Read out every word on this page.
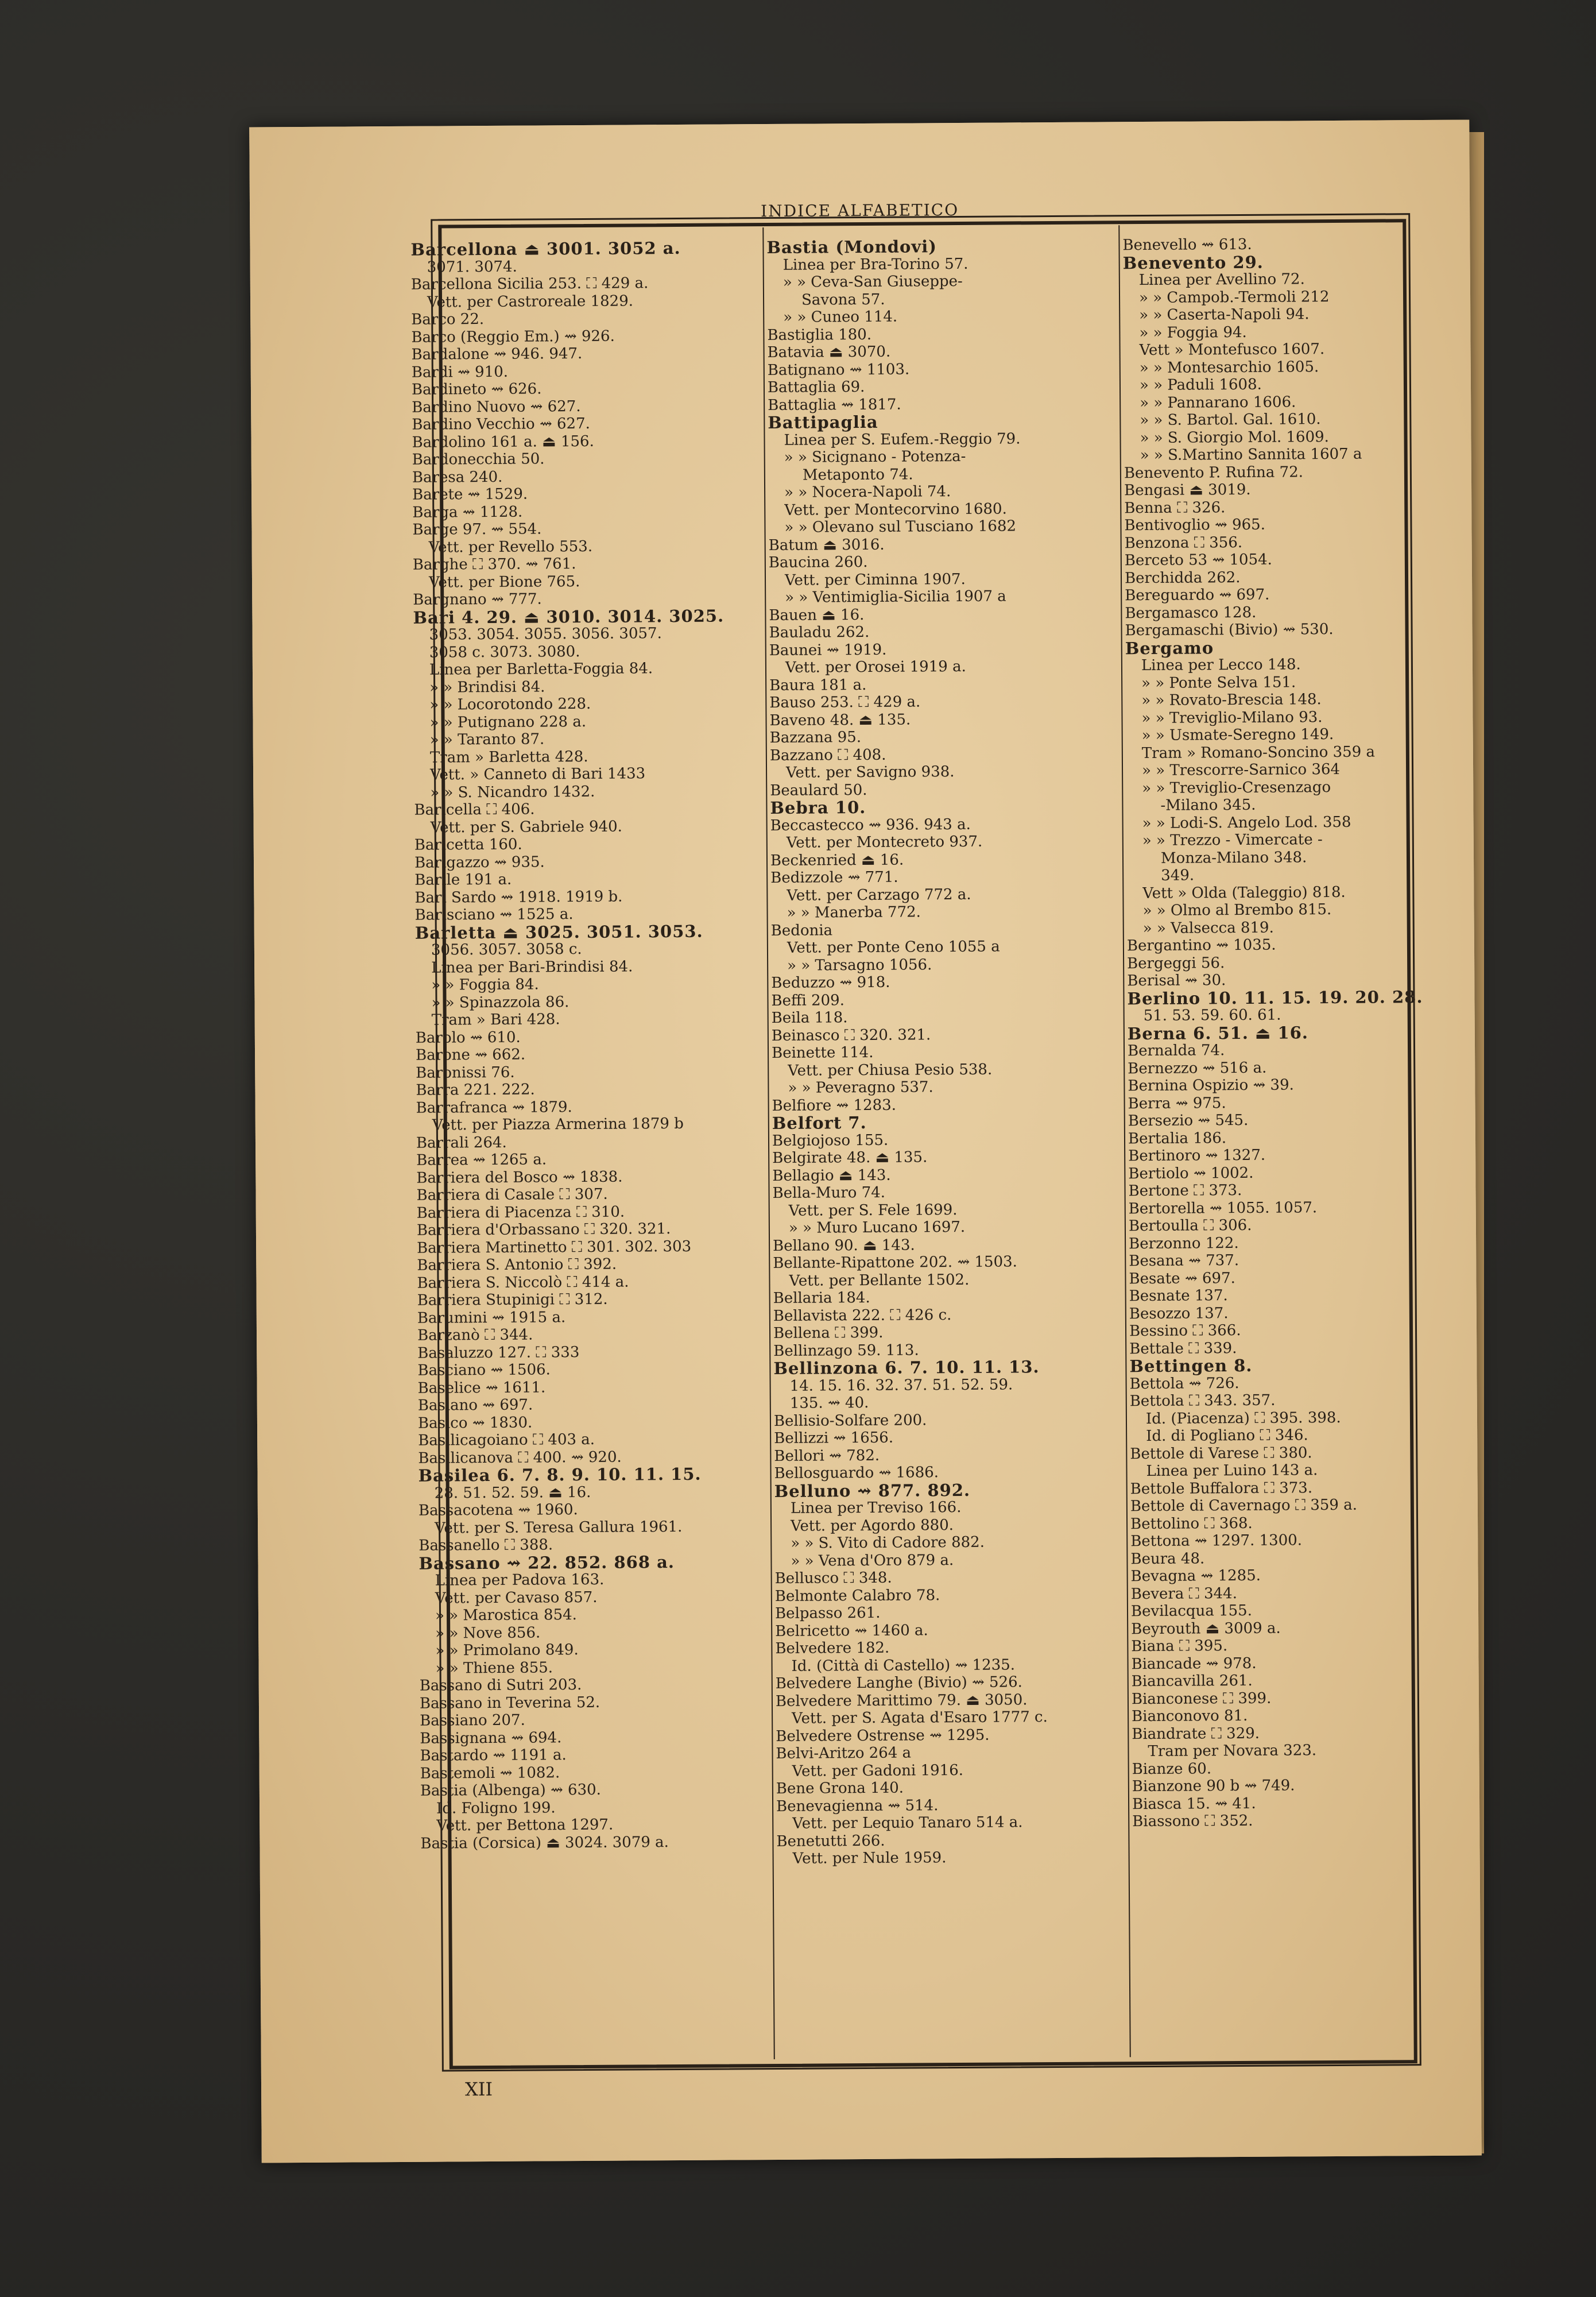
INDICE ALFABETICO
Barcellona ⏏ 3001. 3052 a.
3071. 3074.
Barcellona Sicilia 253. ⛶ 429 a.
Vett. per Castroreale 1829.
Barco 22.
Barco (Reggio Em.) ⇝ 926.
Bardalone ⇝ 946. 947.
Bardi ⇝ 910.
Bardineto ⇝ 626.
Bardino Nuovo ⇝ 627.
Bardino Vecchio ⇝ 627.
Bardolino 161 a. ⏏ 156.
Bardonecchia 50.
Baresa 240.
Barete ⇝ 1529.
Barga ⇝ 1128.
Barge 97. ⇝ 554.
Vett. per Revello 553.
Barghe ⛶ 370. ⇝ 761.
Vett. per Bione 765.
Bargnano ⇝ 777.
Bari 4. 29. ⏏ 3010. 3014. 3025.
3053. 3054. 3055. 3056. 3057.
3058 c. 3073. 3080.
Linea per Barletta-Foggia 84.
» » Brindisi 84.
» » Locorotondo 228.
» » Putignano 228 a.
» » Taranto 87.
Tram » Barletta 428.
Vett. » Canneto di Bari 1433
» » S. Nicandro 1432.
Baricella ⛶ 406.
Vett. per S. Gabriele 940.
Baricetta 160.
Barigazzo ⇝ 935.
Barile 191 a.
Bari Sardo ⇝ 1918. 1919 b.
Barisciano ⇝ 1525 a.
Barletta ⏏ 3025. 3051. 3053.
3056. 3057. 3058 c.
Linea per Bari-Brindisi 84.
» » Foggia 84.
» » Spinazzola 86.
Tram » Bari 428.
Barolo ⇝ 610.
Barone ⇝ 662.
Baronissi 76.
Barra 221. 222.
Barrafranca ⇝ 1879.
Vett. per Piazza Armerina 1879 b
Barrali 264.
Barrea ⇝ 1265 a.
Barriera del Bosco ⇝ 1838.
Barriera di Casale ⛶ 307.
Barriera di Piacenza ⛶ 310.
Barriera d'Orbassano ⛶ 320. 321.
Barriera Martinetto ⛶ 301. 302. 303
Barriera S. Antonio ⛶ 392.
Barriera S. Niccolò ⛶ 414 a.
Barriera Stupinigi ⛶ 312.
Barumini ⇝ 1915 a.
Barzanò ⛶ 344.
Basaluzzo 127. ⛶ 333
Basciano ⇝ 1506.
Baselice ⇝ 1611.
Basiano ⇝ 697.
Basico ⇝ 1830.
Basilicagoiano ⛶ 403 a.
Basilicanova ⛶ 400. ⇝ 920.
Basilea 6. 7. 8. 9. 10. 11. 15.
28. 51. 52. 59. ⏏ 16.
Bassacotena ⇝ 1960.
Vett. per S. Teresa Gallura 1961.
Bassanello ⛶ 388.
Bassano ⇝ 22. 852. 868 a.
Linea per Padova 163.
Vett. per Cavaso 857.
» » Marostica 854.
» » Nove 856.
» » Primolano 849.
» » Thiene 855.
Bassano di Sutri 203.
Bassano in Teverina 52.
Bassiano 207.
Bassignana ⇝ 694.
Bastardo ⇝ 1191 a.
Bastemoli ⇝ 1082.
Bastia (Albenga) ⇝ 630.
Id. Foligno 199.
Vett. per Bettona 1297.
Bastia (Corsica) ⏏ 3024. 3079 a.
Bastia (Mondovi)
Linea per Bra-Torino 57.
» » Ceva-San Giuseppe-
Savona 57.
» » Cuneo 114.
Bastiglia 180.
Batavia ⏏ 3070.
Batignano ⇝ 1103.
Battaglia 69.
Battaglia ⇝ 1817.
Battipaglia
Linea per S. Eufem.-Reggio 79.
» » Sicignano - Potenza-
Metaponto 74.
» » Nocera-Napoli 74.
Vett. per Montecorvino 1680.
» » Olevano sul Tusciano 1682
Batum ⏏ 3016.
Baucina 260.
Vett. per Ciminna 1907.
» » Ventimiglia-Sicilia 1907 a
Bauen ⏏ 16.
Bauladu 262.
Baunei ⇝ 1919.
Vett. per Orosei 1919 a.
Baura 181 a.
Bauso 253. ⛶ 429 a.
Baveno 48. ⏏ 135.
Bazzana 95.
Bazzano ⛶ 408.
Vett. per Savigno 938.
Beaulard 50.
Bebra 10.
Beccastecco ⇝ 936. 943 a.
Vett. per Montecreto 937.
Beckenried ⏏ 16.
Bedizzole ⇝ 771.
Vett. per Carzago 772 a.
» » Manerba 772.
Bedonia
Vett. per Ponte Ceno 1055 a
» » Tarsagno 1056.
Beduzzo ⇝ 918.
Beffi 209.
Beila 118.
Beinasco ⛶ 320. 321.
Beinette 114.
Vett. per Chiusa Pesio 538.
» » Peveragno 537.
Belfiore ⇝ 1283.
Belfort 7.
Belgiojoso 155.
Belgirate 48. ⏏ 135.
Bellagio ⏏ 143.
Bella-Muro 74.
Vett. per S. Fele 1699.
» » Muro Lucano 1697.
Bellano 90. ⏏ 143.
Bellante-Ripattone 202. ⇝ 1503.
Vett. per Bellante 1502.
Bellaria 184.
Bellavista 222. ⛶ 426 c.
Bellena ⛶ 399.
Bellinzago 59. 113.
Bellinzona 6. 7. 10. 11. 13.
14. 15. 16. 32. 37. 51. 52. 59.
135. ⇝ 40.
Bellisio-Solfare 200.
Bellizzi ⇝ 1656.
Bellori ⇝ 782.
Bellosguardo ⇝ 1686.
Belluno ⇝ 877. 892.
Linea per Treviso 166.
Vett. per Agordo 880.
» » S. Vito di Cadore 882.
» » Vena d'Oro 879 a.
Belluscо ⛶ 348.
Belmonte Calabro 78.
Belpasso 261.
Belricetto ⇝ 1460 a.
Belvedere 182.
Id. (Città di Castello) ⇝ 1235.
Belvedere Langhe (Bivio) ⇝ 526.
Belvedere Marittimo 79. ⏏ 3050.
Vett. per S. Agata d'Esaro 1777 c.
Belvedere Ostrense ⇝ 1295.
Belvi-Aritzo 264 a
Vett. per Gadoni 1916.
Bene Grona 140.
Benevagienna ⇝ 514.
Vett. per Lequio Tanaro 514 a.
Benetutti 266.
Vett. per Nule 1959.
Benevello ⇝ 613.
Benevento 29.
Linea per Avellino 72.
» » Campob.-Termoli 212
» » Caserta-Napoli 94.
» » Foggia 94.
Vett » Montefusco 1607.
» » Montesarchio 1605.
» » Paduli 1608.
» » Pannarano 1606.
» » S. Bartol. Gal. 1610.
» » S. Giorgio Mol. 1609.
» » S.Martino Sannita 1607 a
Benevento P. Rufina 72.
Bengasi ⏏ 3019.
Benna ⛶ 326.
Bentivoglio ⇝ 965.
Benzona ⛶ 356.
Berceto 53 ⇝ 1054.
Berchidda 262.
Bereguardo ⇝ 697.
Bergamasco 128.
Bergamaschi (Bivio) ⇝ 530.
Bergamo
Linea per Lecco 148.
» » Ponte Selva 151.
» » Rovato-Brescia 148.
» » Treviglio-Milano 93.
» » Usmate-Seregno 149.
Tram » Romano-Soncino 359 a
» » Trescorre-Sarnico 364
» » Treviglio-Cresenzago
-Milano 345.
» » Lodi-S. Angelo Lod. 358
» » Trezzo - Vimercate -
Monza-Milano 348.
349.
Vett » Olda (Taleggio) 818.
» » Olmo al Brembo 815.
» » Valsecca 819.
Bergantino ⇝ 1035.
Bergeggi 56.
Berisal ⇝ 30.
Berlino 10. 11. 15. 19. 20. 28.
51. 53. 59. 60. 61.
Berna 6. 51. ⏏ 16.
Bernalda 74.
Bernezzo ⇝ 516 a.
Bernina Ospizio ⇝ 39.
Berra ⇝ 975.
Bersezio ⇝ 545.
Bertalia 186.
Bertinoro ⇝ 1327.
Bertiolo ⇝ 1002.
Bertone ⛶ 373.
Bertorella ⇝ 1055. 1057.
Bertoulla ⛶ 306.
Berzonno 122.
Besana ⇝ 737.
Besate ⇝ 697.
Besnate 137.
Besozzo 137.
Bessino ⛶ 366.
Bettale ⛶ 339.
Bettingen 8.
Bettola ⇝ 726.
Bettola ⛶ 343. 357.
Id. (Piacenza) ⛶ 395. 398.
Id. di Pogliano ⛶ 346.
Bettole di Varese ⛶ 380.
Linea per Luino 143 a.
Bettole Buffalora ⛶ 373.
Bettole di Cavernago ⛶ 359 a.
Bettolino ⛶ 368.
Bettona ⇝ 1297. 1300.
Beura 48.
Bevagna ⇝ 1285.
Bevera ⛶ 344.
Bevilacqua 155.
Beyrouth ⏏ 3009 a.
Biana ⛶ 395.
Biancade ⇝ 978.
Biancavilla 261.
Bianconese ⛶ 399.
Bianconovo 81.
Biandrate ⛶ 329.
Tram per Novara 323.
Bianze 60.
Bianzone 90 b ⇝ 749.
Biasca 15. ⇝ 41.
Biassono ⛶ 352.
XII
